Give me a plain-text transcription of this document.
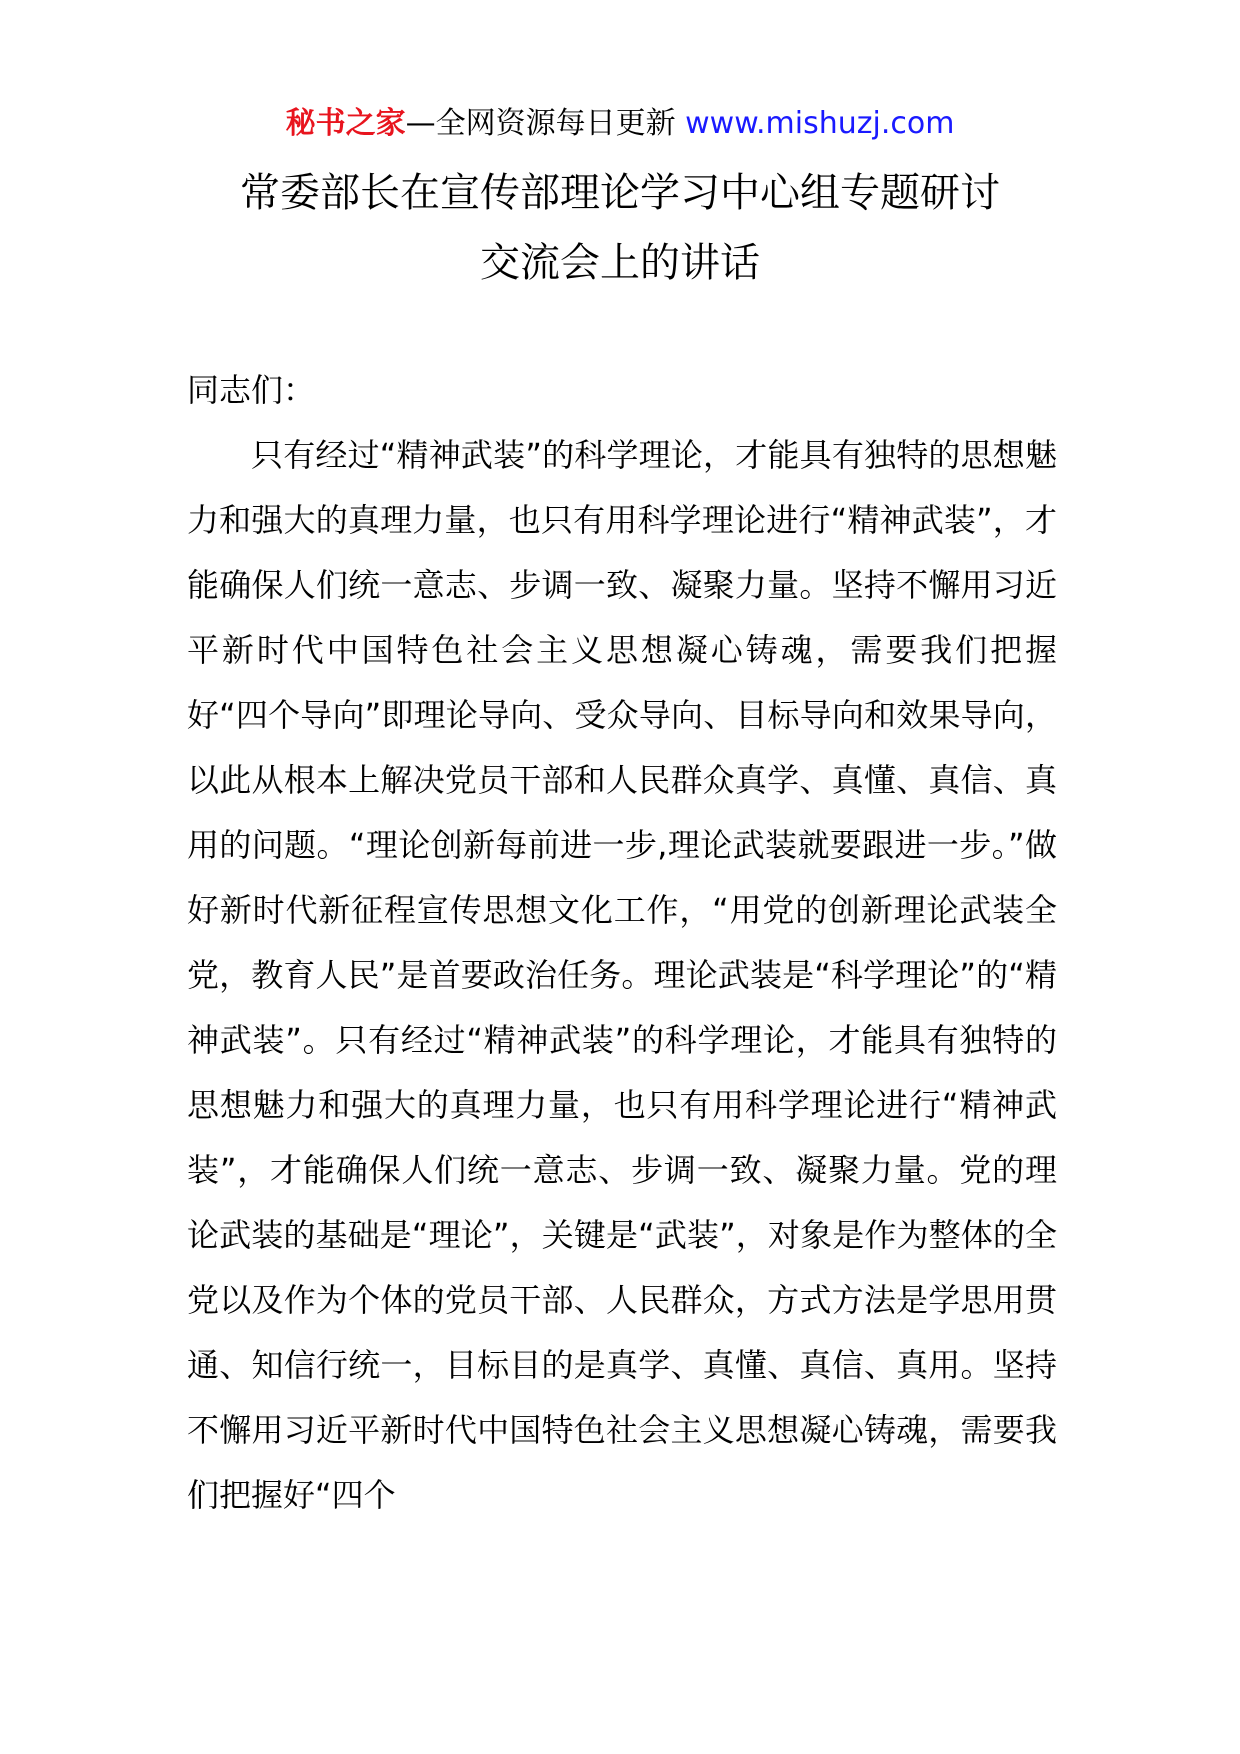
秘书之家—全网资源每日更新 www.mishuzj.com
常委部长在宣传部理论学习中心组专题研讨
交流会上的讲话

同志们：

只有经过“精神武装”的科学理论，才能具有独特的思想魅力和强大的真理力量，也只有用科学理论进行“精神武装”，才能确保人们统一意志、步调一致、凝聚力量。坚持不懈用习近平新时代中国特色社会主义思想凝心铸魂，需要我们把握好“四个导向”即理论导向、受众导向、目标导向和效果导向，以此从根本上解决党员干部和人民群众真学、真懂、真信、真用的问题。“理论创新每前进一步,理论武装就要跟进一步。”做好新时代新征程宣传思想文化工作，“用党的创新理论武装全党，教育人民”是首要政治任务。理论武装是“科学理论”的“精神武装”。只有经过“精神武装”的科学理论，才能具有独特的思想魅力和强大的真理力量，也只有用科学理论进行“精神武装”，才能确保人们统一意志、步调一致、凝聚力量。党的理论武装的基础是“理论”，关键是“武装”，对象是作为整体的全党以及作为个体的党员干部、人民群众，方式方法是学思用贯通、知信行统一，目标目的是真学、真懂、真信、真用。坚持不懈用习近平新时代中国特色社会主义思想凝心铸魂，需要我们把握好“四个
